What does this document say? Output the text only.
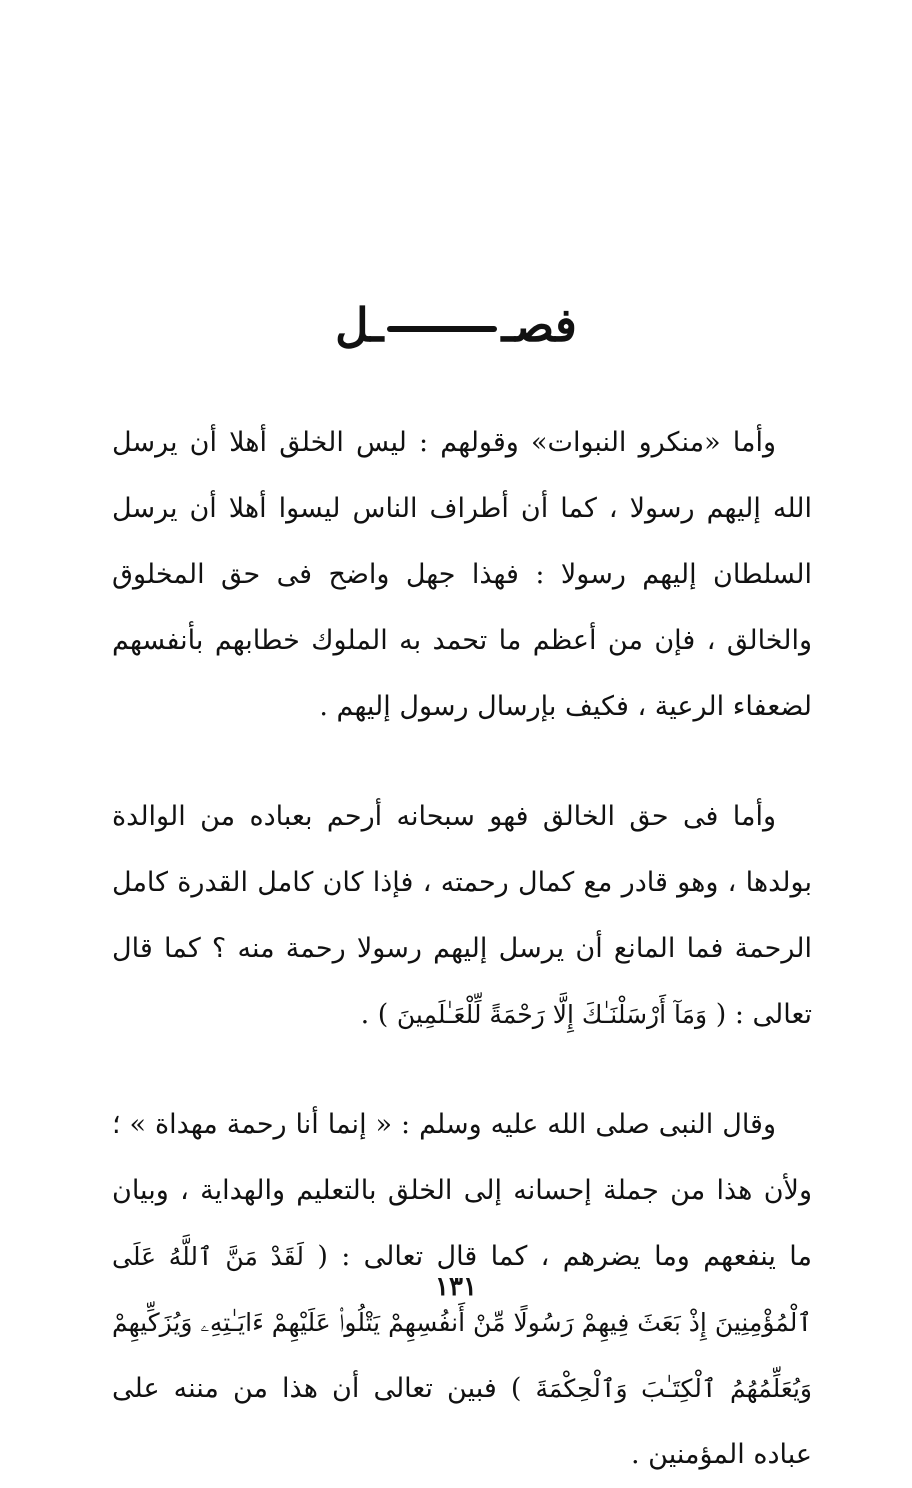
فصــل

وأما «منكرو النبوات» وقولهم : ليس الخلق أهلا أن يرسل الله إليهم رسولا ، كما أن أطراف الناس ليسوا أهلا أن يرسل السلطان إليهم رسولا : فهذا جهل واضح فى حق المخلوق والخالق ، فإن من أعظم ما تحمد به الملوك خطابهم بأنفسهم لضعفاء الرعية ، فكيف بإرسال رسول إليهم .

وأما فى حق الخالق فهو سبحانه أرحم بعباده من الوالدة بولدها ، وهو قادر مع كمال رحمته ، فإذا كان كامل القدرة كامل الرحمة فما المانع أن يرسل إليهم رسولا رحمة منه ؟ كما قال تعالى : ( وَمَآ أَرْسَلْنَـٰكَ إِلَّا رَحْمَةً لِّلْعَـٰلَمِينَ ) .

وقال النبى صلى الله عليه وسلم : « إنما أنا رحمة مهداة » ؛ ولأن هذا من جملة إحسانه إلى الخلق بالتعليم والهداية ، وبيان ما ينفعهم وما يضرهم ، كما قال تعالى : ( لَقَدْ مَنَّ ٱللَّهُ عَلَى ٱلْمُؤْمِنِينَ إِذْ بَعَثَ فِيهِمْ رَسُولًا مِّنْ أَنفُسِهِمْ يَتْلُوا۟ عَلَيْهِمْ ءَايَـٰتِهِۦ وَيُزَكِّيهِمْ وَيُعَلِّمُهُمُ ٱلْكِتَـٰبَ وَٱلْحِكْمَةَ ) فبين تعالى أن هذا من مننه على عباده المؤمنين .

١٣١
